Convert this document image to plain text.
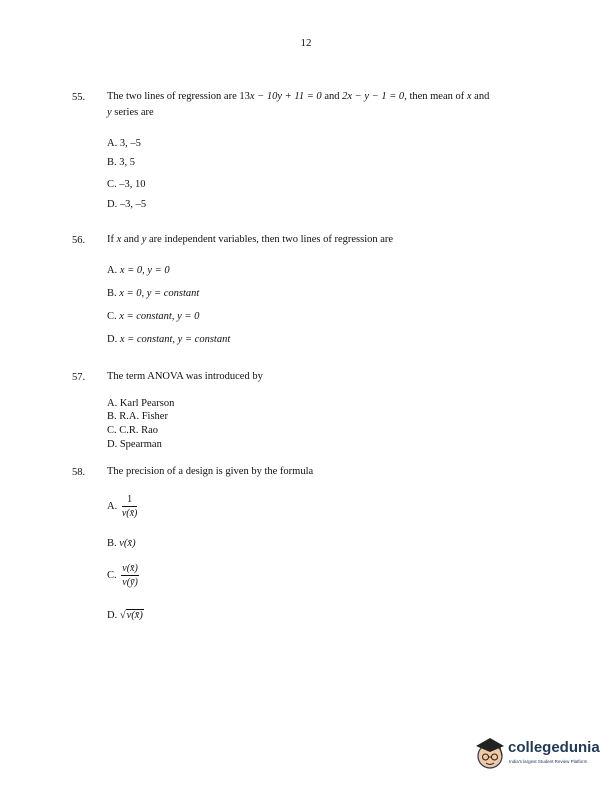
12
55. The two lines of regression are 13x − 10y + 11 = 0 and 2x − y − 1 = 0, then mean of x and
y series are
A. 3, –5
B. 3, 5
C. –3, 10
D. –3, –5
56. If x and y are independent variables, then two lines of regression are
A. x = 0, y = 0
B. x = 0, y = constant
C. x = constant, y = 0
D. x = constant, y = constant
57. The term ANOVA was introduced by
A. Karl Pearson
B. R.A. Fisher
C. C.R. Rao
D. Spearman
58. The precision of a design is given by the formula
A. $\frac{1}{v(x̄)}$
B. v(x̄)
C. $\frac{v(x̄)}{v(ȳ)}$
D. √v(x̄)
collegedunia
India's largest Student Review Platform
